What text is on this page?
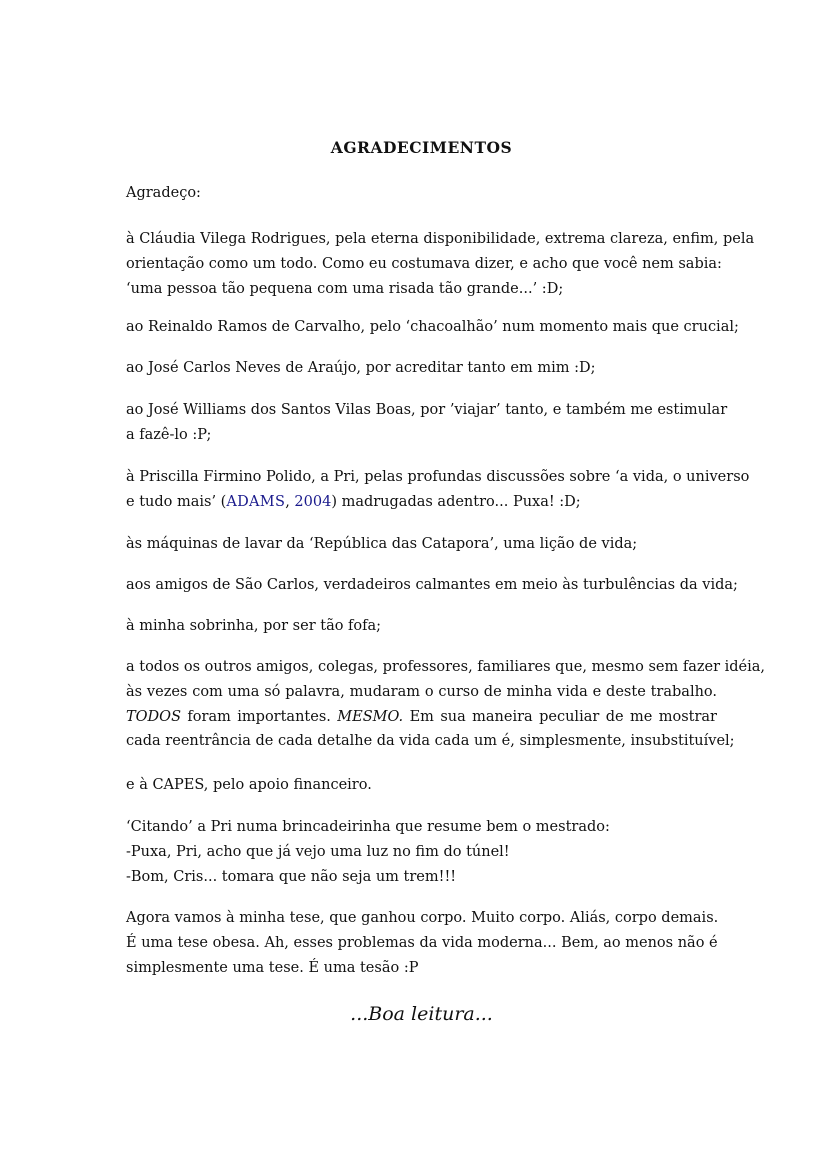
AGRADECIMENTOS
Agradeço:
à Cláudia Vilega Rodrigues, pela eterna disponibilidade, extrema clareza, enfim, pela
orientação como um todo. Como eu costumava dizer, e acho que você nem sabia:
‘uma pessoa tão pequena com uma risada tão grande...’ :D;
ao Reinaldo Ramos de Carvalho, pelo ‘chacoalhão’ num momento mais que crucial;
ao José Carlos Neves de Araújo, por acreditar tanto em mim :D;
ao José Williams dos Santos Vilas Boas, por ’viajar’ tanto, e também me estimular
a fazê-lo :P;
à Priscilla Firmino Polido, a Pri, pelas profundas discussões sobre ‘a vida, o universo
e tudo mais’ (ADAMS, 2004) madrugadas adentro... Puxa! :D;
às máquinas de lavar da ‘República das Catapora’, uma lição de vida;
aos amigos de São Carlos, verdadeiros calmantes em meio às turbulências da vida;
à minha sobrinha, por ser tão fofa;
a todos os outros amigos, colegas, professores, familiares que, mesmo sem fazer idéia,
às vezes com uma só palavra, mudaram o curso de minha vida e deste trabalho.
TODOS foram importantes. MESMO. Em sua maneira peculiar de me mostrar
cada reentrância de cada detalhe da vida cada um é, simplesmente, insubstituível;
e à CAPES, pelo apoio financeiro.
‘Citando’ a Pri numa brincadeirinha que resume bem o mestrado:
-Puxa, Pri, acho que já vejo uma luz no fim do túnel!
-Bom, Cris... tomara que não seja um trem!!!
Agora vamos à minha tese, que ganhou corpo. Muito corpo. Aliás, corpo demais.
É uma tese obesa. Ah, esses problemas da vida moderna... Bem, ao menos não é
simplesmente uma tese. É uma tesão :P
...Boa leitura...
